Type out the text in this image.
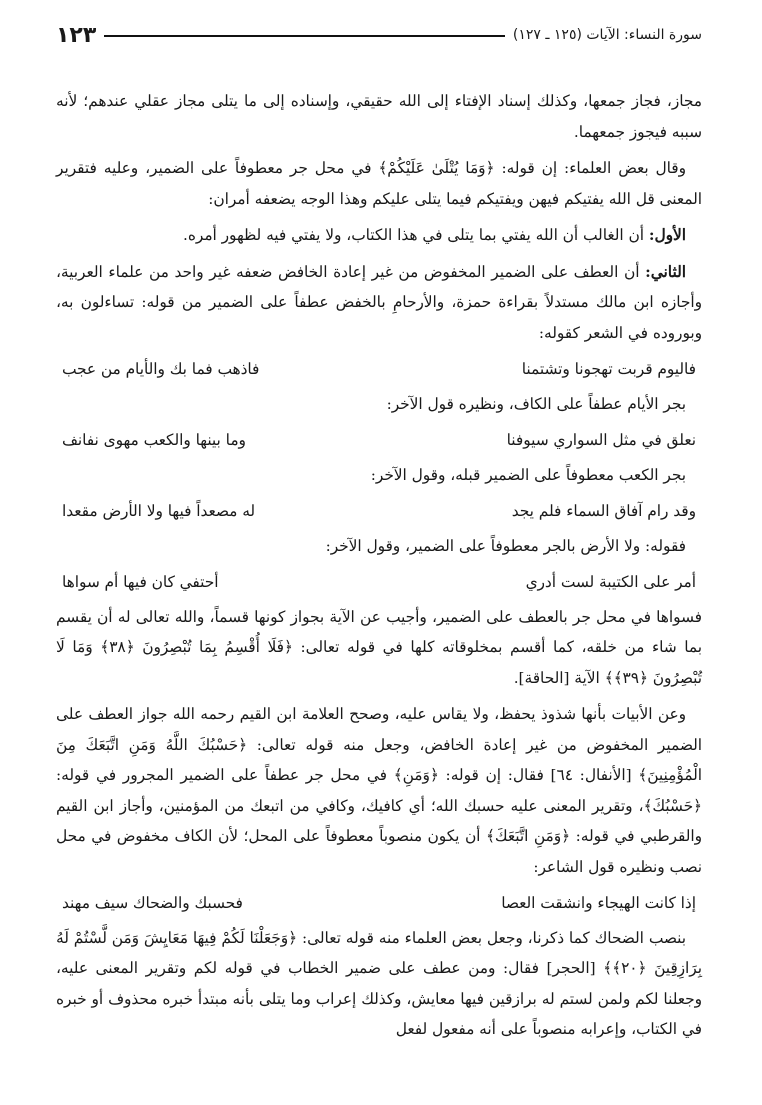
سورة النساء: الآيات (١٢٥ ـ ١٢٧)
١٢٣

مجاز، فجاز جمعها، وكذلك إسناد الإفتاء إلى الله حقيقي، وإسناده إلى ما يتلى مجاز عقلي عندهم؛ لأنه سببه فيجوز جمعهما.

وقال بعض العلماء: إن قوله: ﴿وَمَا يُتْلَىٰ عَلَيْكُمْ﴾ في محل جر معطوفاً على الضمير، وعليه فتقرير المعنى قل الله يفتيكم فيهن ويفتيكم فيما يتلى عليكم وهذا الوجه يضعفه أمران:

الأول: أن الغالب أن الله يفتي بما يتلى في هذا الكتاب، ولا يفتي فيه لظهور أمره.

الثاني: أن العطف على الضمير المخفوض من غير إعادة الخافض ضعفه غير واحد من علماء العربية، وأجازه ابن مالك مستدلاً بقراءة حمزة، والأرحامِ بالخفض عطفاً على الضمير من قوله: تساءلون به، وبوروده في الشعر كقوله:

فاليوم قربت تهجونا وتشتمنا
فاذهب فما بك والأيام من عجب

بجر الأيام عطفاً على الكاف، ونظيره قول الآخر:

نعلق في مثل السواري سيوفنا
وما بينها والكعب مهوى نفانف

بجر الكعب معطوفاً على الضمير قبله، وقول الآخر:

وقد رام آفاق السماء فلم يجد
له مصعداً فيها ولا الأرض مقعدا

فقوله: ولا الأرض بالجر معطوفاً على الضمير، وقول الآخر:

أمر على الكتيبة لست أدري
أحتفي كان فيها أم سواها

فسواها في محل جر بالعطف على الضمير، وأجيب عن الآية بجواز كونها قسماً، والله تعالى له أن يقسم بما شاء من خلقه، كما أقسم بمخلوقاته كلها في قوله تعالى: ﴿فَلَا أُقْسِمُ بِمَا تُبْصِرُونَ ﴿٣٨﴾ وَمَا لَا تُبْصِرُونَ ﴿٣٩﴾﴾ الآية [الحاقة].

وعن الأبيات بأنها شذوذ يحفظ، ولا يقاس عليه، وصحح العلامة ابن القيم رحمه الله جواز العطف على الضمير المخفوض من غير إعادة الخافض، وجعل منه قوله تعالى: ﴿حَسْبُكَ اللَّهُ وَمَنِ اتَّبَعَكَ مِنَ الْمُؤْمِنِينَ﴾ [الأنفال: ٦٤] فقال: إن قوله: ﴿وَمَنِ﴾ في محل جر عطفاً على الضمير المجرور في قوله: ﴿حَسْبُكَ﴾، وتقرير المعنى عليه حسبك الله؛ أي كافيك، وكافي من اتبعك من المؤمنين، وأجاز ابن القيم والقرطبي في قوله: ﴿وَمَنِ اتَّبَعَكَ﴾ أن يكون منصوباً معطوفاً على المحل؛ لأن الكاف مخفوض في محل نصب ونظيره قول الشاعر:

إذا كانت الهيجاء وانشقت العصا
فحسبك والضحاك سيف مهند

بنصب الضحاك كما ذكرنا، وجعل بعض العلماء منه قوله تعالى: ﴿وَجَعَلْنَا لَكُمْ فِيهَا مَعَايِشَ وَمَن لَّسْتُمْ لَهُ بِرَازِقِينَ ﴿٢٠﴾﴾ [الحجر] فقال: ومن عطف على ضمير الخطاب في قوله لكم وتقرير المعنى عليه، وجعلنا لكم ولمن لستم له برازقين فيها معايش، وكذلك إعراب وما يتلى بأنه مبتدأ خبره محذوف أو خبره في الكتاب، وإعرابه منصوباً على أنه مفعول لفعل
